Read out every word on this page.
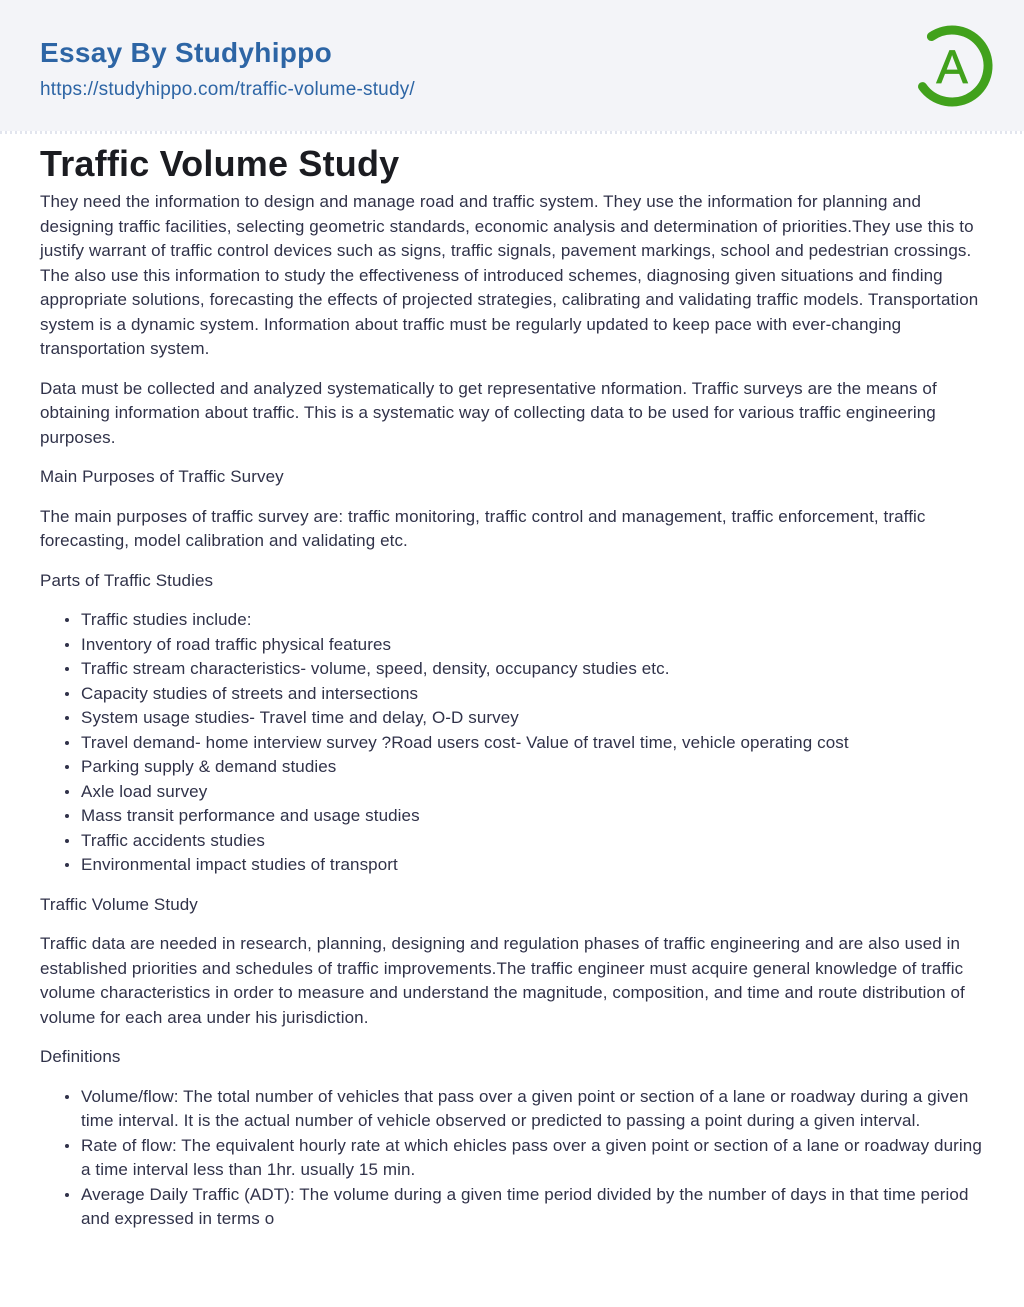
Essay By Studyhippo
https://studyhippo.com/traffic-volume-study/	A
Traffic Volume Study

They need the information to design and manage road and traffic system. They use the information for planning and designing traffic facilities, selecting geometric standards, economic analysis and determination of priorities.They use this to justify warrant of traffic control devices such as signs, traffic signals, pavement markings, school and pedestrian crossings. The also use this information to study the effectiveness of introduced schemes, diagnosing given situations and finding appropriate solutions, forecasting the effects of projected strategies, calibrating and validating traffic models. Transportation system is a dynamic system. Information about traffic must be regularly updated to keep pace with ever-changing transportation system.

Data must be collected and analyzed systematically to get representative nformation. Traffic surveys are the means of obtaining information about traffic. This is a systematic way of collecting data to be used for various traffic engineering purposes.

Main Purposes of Traffic Survey

The main purposes of traffic survey are: traffic monitoring, traffic control and management, traffic enforcement, traffic forecasting, model calibration and validating etc.

Parts of Traffic Studies

Traffic studies include:
Inventory of road traffic physical features
Traffic stream characteristics- volume, speed, density, occupancy studies etc.
Capacity studies of streets and intersections
System usage studies- Travel time and delay, O-D survey
Travel demand- home interview survey ?Road users cost- Value of travel time, vehicle operating cost
Parking supply & demand studies
Axle load survey
Mass transit performance and usage studies
Traffic accidents studies
Environmental impact studies of transport

Traffic Volume Study

Traffic data are needed in research, planning, designing and regulation phases of traffic engineering and are also used in established priorities and schedules of traffic improvements.The traffic engineer must acquire general knowledge of traffic volume characteristics in order to measure and understand the magnitude, composition, and time and route distribution of volume for each area under his jurisdiction.

Definitions

Volume/flow: The total number of vehicles that pass over a given point or section of a lane or roadway during a given time interval. It is the actual number of vehicle observed or predicted to passing a point during a given interval.
Rate of flow: The equivalent hourly rate at which ehicles pass over a given point or section of a lane or roadway during a time interval less than 1hr. usually 15 min.
Average Daily Traffic (ADT): The volume during a given time period divided by the number of days in that time period and expressed in terms o
